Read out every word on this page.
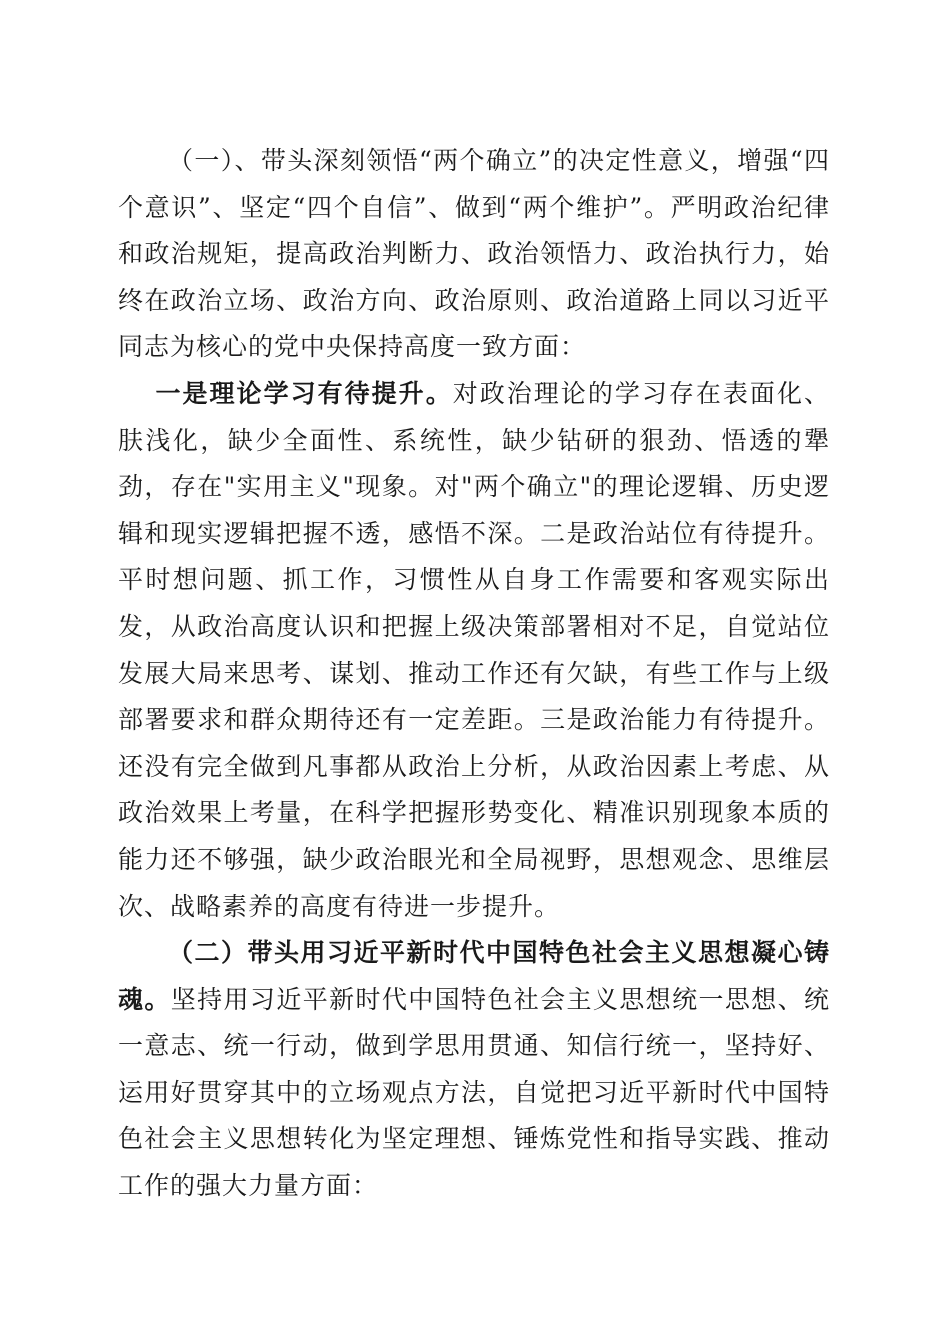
（一）、带头深刻领悟“两个确立”的决定性意义，增强“四个意识”、坚定“四个自信”、做到“两个维护”。严明政治纪律和政治规矩，提高政治判断力、政治领悟力、政治执行力，始终在政治立场、政治方向、政治原则、政治道路上同以习近平同志为核心的党中央保持高度一致方面：

一是理论学习有待提升。对政治理论的学习存在表面化、肤浅化，缺少全面性、系统性，缺少钻研的狠劲、悟透的犟劲，存在"实用主义"现象。对"两个确立"的理论逻辑、历史逻辑和现实逻辑把握不透，感悟不深。二是政治站位有待提升。平时想问题、抓工作，习惯性从自身工作需要和客观实际出发，从政治高度认识和把握上级决策部署相对不足，自觉站位发展大局来思考、谋划、推动工作还有欠缺，有些工作与上级部署要求和群众期待还有一定差距。三是政治能力有待提升。还没有完全做到凡事都从政治上分析，从政治因素上考虑、从政治效果上考量，在科学把握形势变化、精准识别现象本质的能力还不够强，缺少政治眼光和全局视野，思想观念、思维层次、战略素养的高度有待进一步提升。

（二）带头用习近平新时代中国特色社会主义思想凝心铸魂。坚持用习近平新时代中国特色社会主义思想统一思想、统一意志、统一行动，做到学思用贯通、知信行统一，坚持好、运用好贯穿其中的立场观点方法，自觉把习近平新时代中国特色社会主义思想转化为坚定理想、锤炼党性和指导实践、推动工作的强大力量方面：
